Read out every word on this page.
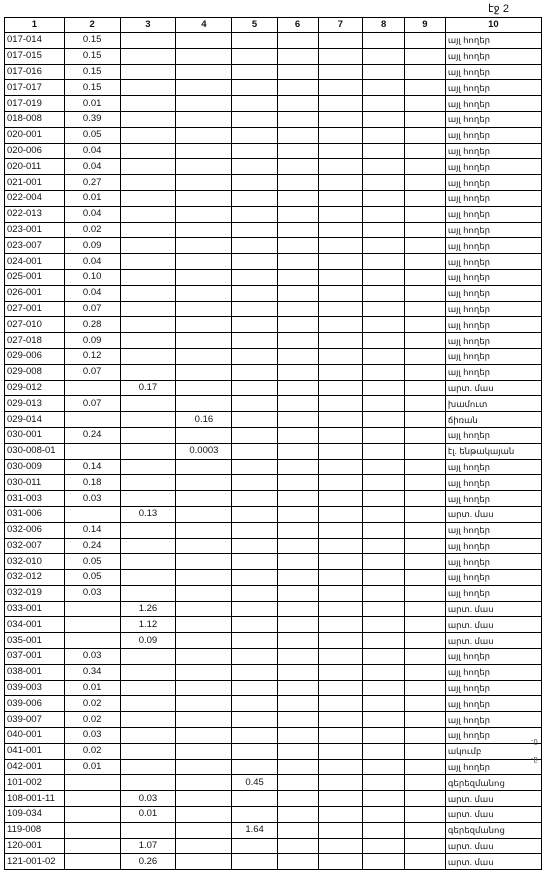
էջ 2
1	2	3	4	5	6	7	8	9	10
017-014	0.15								այլ հողեր
017-015	0.15								այլ հողեր
017-016	0.15								այլ հողեր
017-017	0.15								այլ հողեր
017-019	0.01								այլ հողեր
018-008	0.39								այլ հողեր
020-001	0.05								այլ հողեր
020-006	0.04								այլ հողեր
020-011	0.04								այլ հողեր
021-001	0.27								այլ հողեր
022-004	0.01								այլ հողեր
022-013	0.04								այլ հողեր
023-001	0.02								այլ հողեր
023-007	0.09								այլ հողեր
024-001	0.04								այլ հողեր
025-001	0.10								այլ հողեր
026-001	0.04								այլ հողեր
027-001	0.07								այլ հողեր
027-010	0.28								այլ հողեր
027-018	0.09								այլ հողեր
029-006	0.12								այլ հողեր
029-008	0.07								այլ հողեր
029-012		0.17							արտ. մաս
029-013	0.07								խամուտ
029-014			0.16						ճիռան
030-001	0.24								այլ հողեր
030-008-01			0.0003						էլ. ենթակայան
030-009	0.14								այլ հողեր
030-011	0.18								այլ հողեր
031-003	0.03								այլ հողեր
031-006		0.13							արտ. մաս
032-006	0.14								այլ հողեր
032-007	0.24								այլ հողեր
032-010	0.05								այլ հողեր
032-012	0.05								այլ հողեր
032-019	0.03								այլ հողեր
033-001		1.26							արտ. մաս
034-001		1.12							արտ. մաս
035-001		0.09							արտ. մաս
037-001	0.03								այլ հողեր
038-001	0.34								այլ հողեր
039-003	0.01								այլ հողեր
039-006	0.02								այլ հողեր
039-007	0.02								այլ հողեր
040-001	0.03								այլ հողեր
041-001	0.02								ակումբ
042-001	0.01								այլ հողեր
101-002				0.45					գերեզմանոց
108-001-11		0.03							արտ. մաս
109-034		0.01							արտ. մաս
119-008				1.64					գերեզմանոց
120-001		1.07							արտ. մաս
121-001-02		0.26							արտ. մաս
-ը
-ը
